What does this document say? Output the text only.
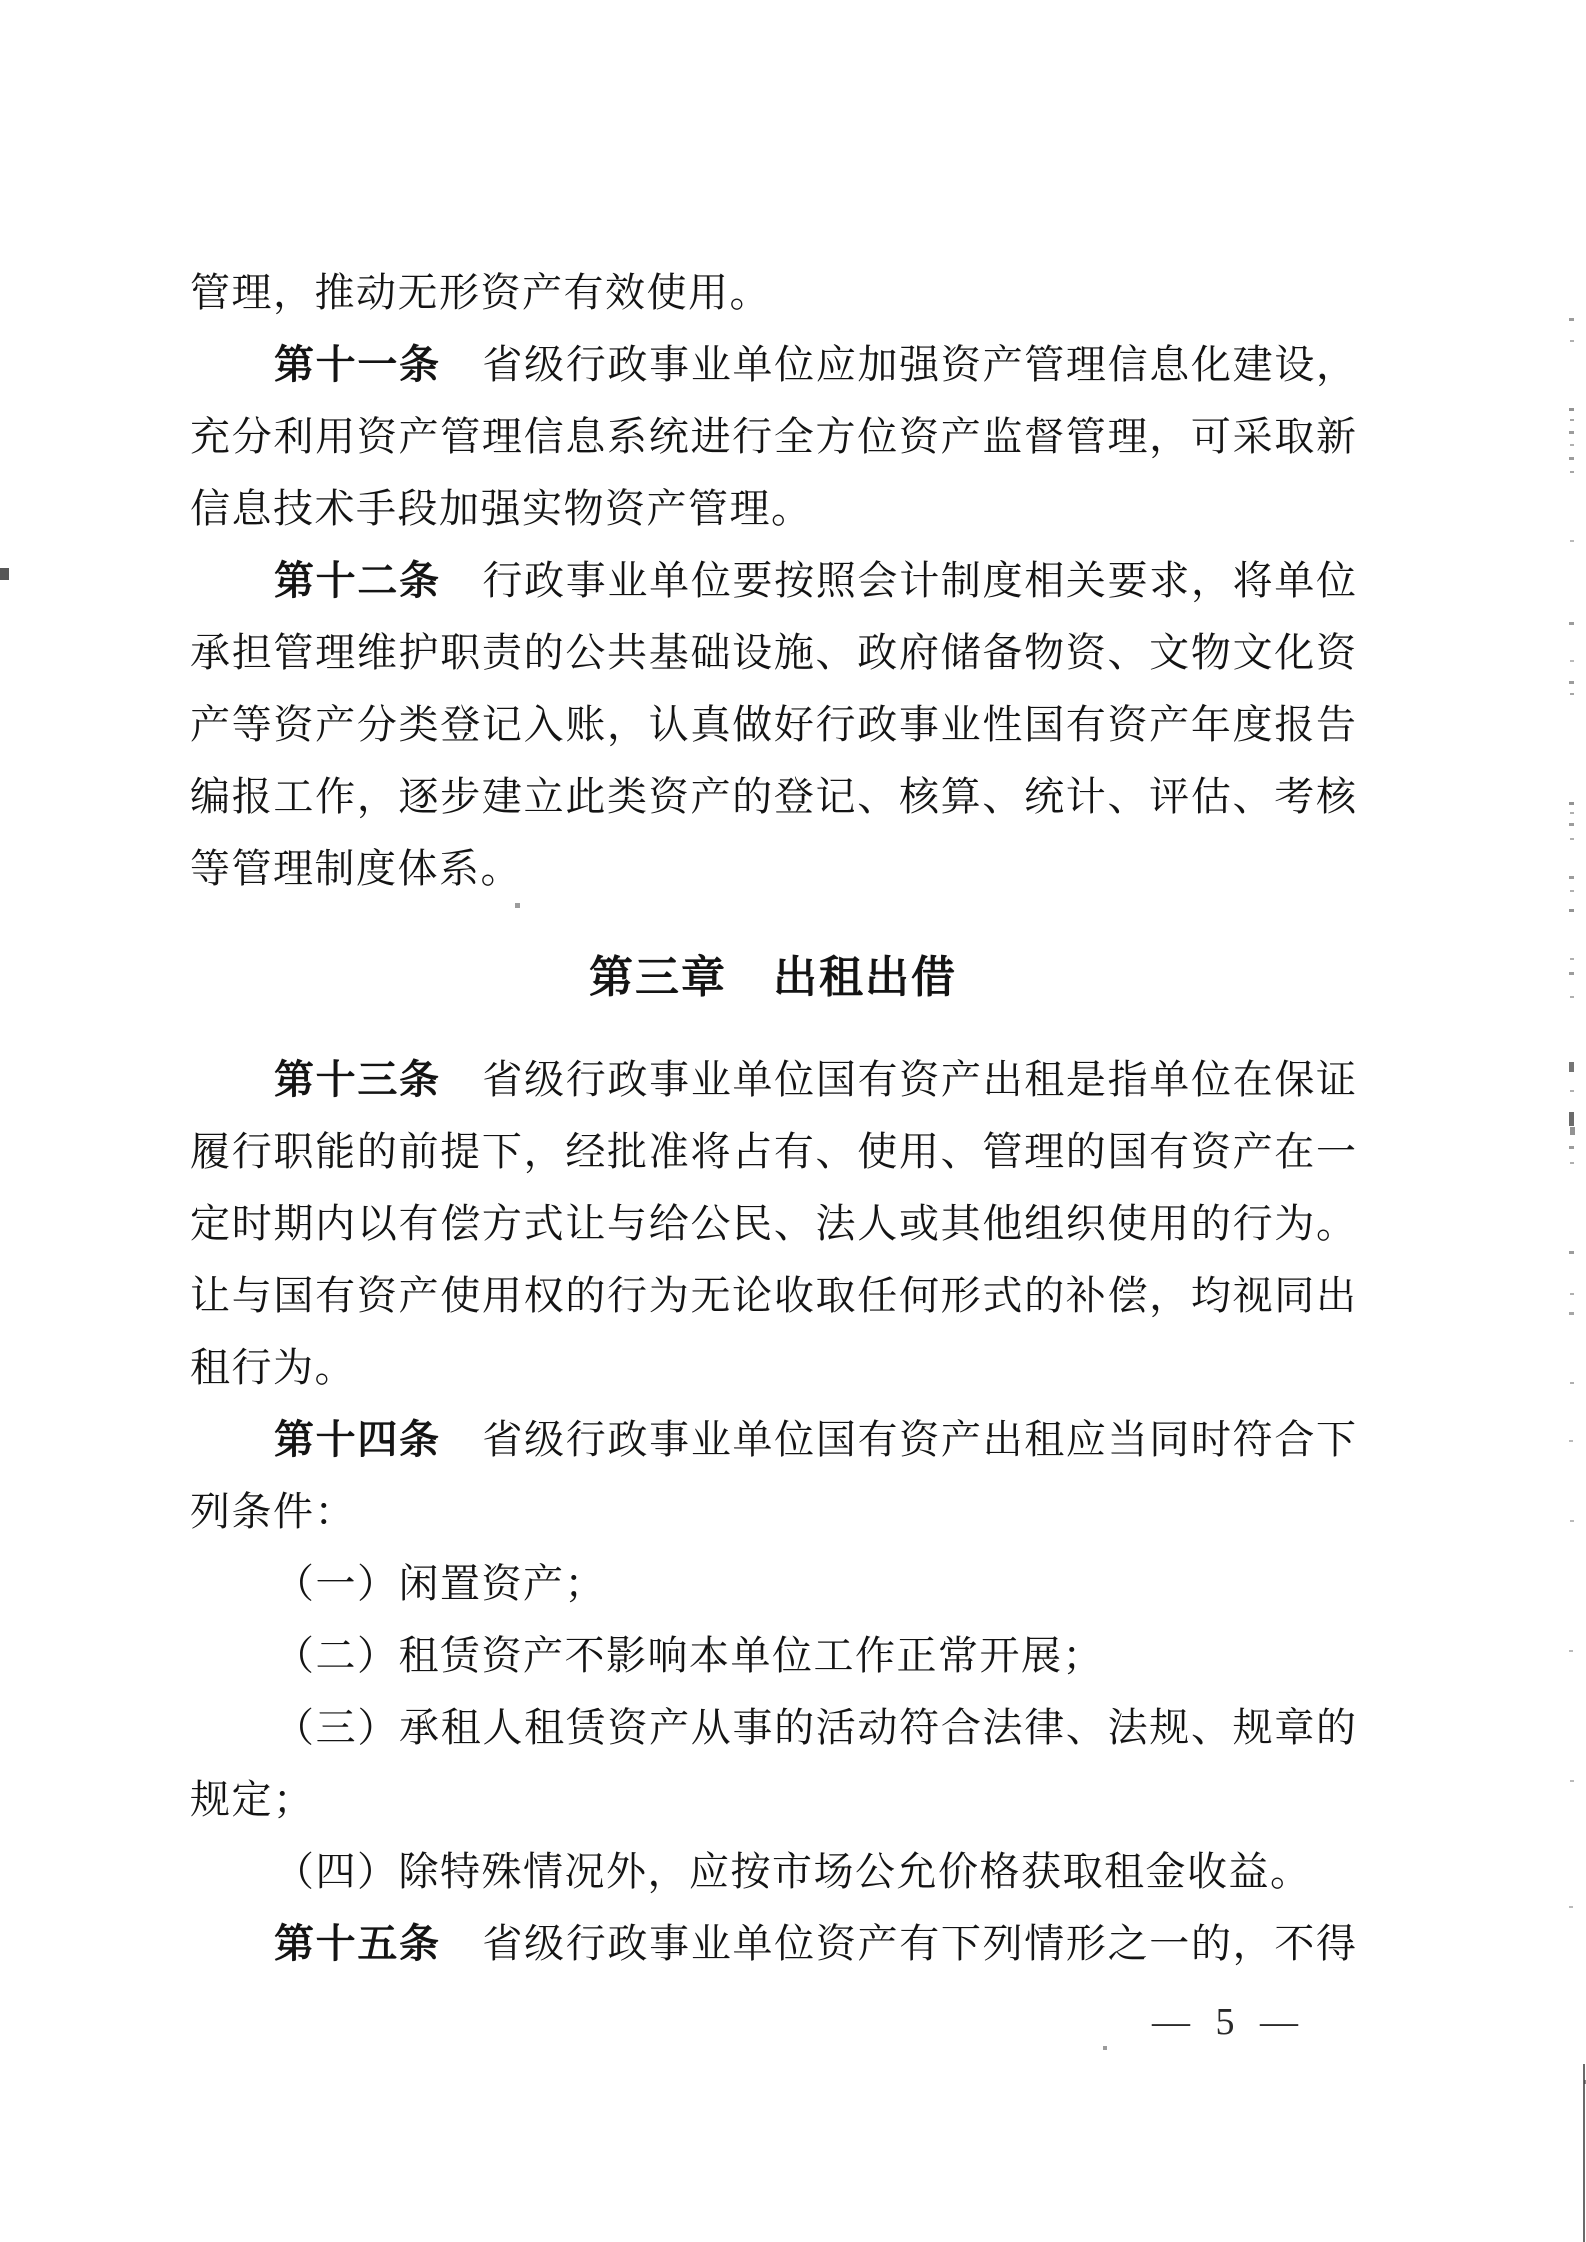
管理，推动无形资产有效使用。
第十一条　省级行政事业单位应加强资产管理信息化建设，
充分利用资产管理信息系统进行全方位资产监督管理，可采取新
信息技术手段加强实物资产管理。
第十二条　行政事业单位要按照会计制度相关要求，将单位
承担管理维护职责的公共基础设施、政府储备物资、文物文化资
产等资产分类登记入账，认真做好行政事业性国有资产年度报告
编报工作，逐步建立此类资产的登记、核算、统计、评估、考核
等管理制度体系。
第三章　出租出借
第十三条　省级行政事业单位国有资产出租是指单位在保证
履行职能的前提下，经批准将占有、使用、管理的国有资产在一
定时期内以有偿方式让与给公民、法人或其他组织使用的行为。
让与国有资产使用权的行为无论收取任何形式的补偿，均视同出
租行为。
第十四条　省级行政事业单位国有资产出租应当同时符合下
列条件：
（一）闲置资产；
（二）租赁资产不影响本单位工作正常开展；
（三）承租人租赁资产从事的活动符合法律、法规、规章的
规定；
（四）除特殊情况外，应按市场公允价格获取租金收益。
第十五条　省级行政事业单位资产有下列情形之一的，不得
— 5 —
